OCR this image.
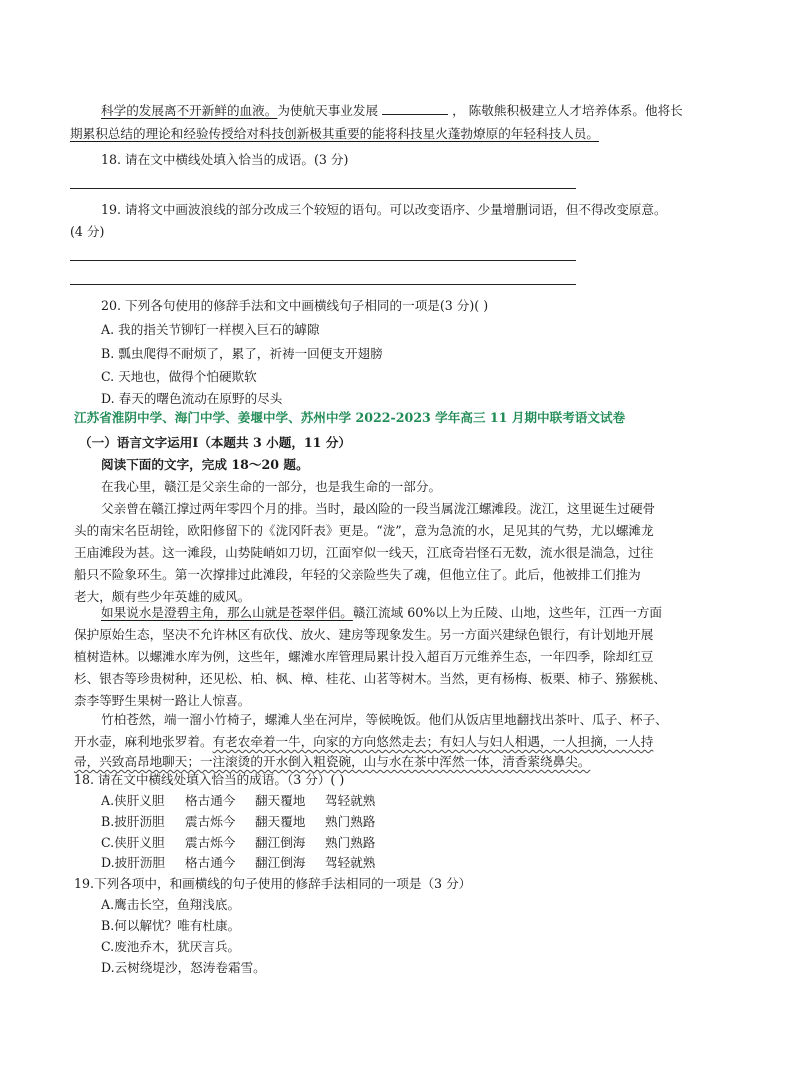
科学的发展离不开新鲜的血液。为使航天事业发展	， 陈敬熊积极建立人才培养体系。他将长
期累积总结的理论和经验传授给对科技创新极其重要的能将科技星火蓬勃燎原的年轻科技人员。
18. 请在文中横线处填入恰当的成语。(3 分)
19. 请将文中画波浪线的部分改成三个较短的语句。可以改变语序、少量增删词语，但不得改变原意。
(4 分)
20. 下列各句使用的修辞手法和文中画横线句子相同的一项是(3 分)( )
A. 我的指关节铆钉一样楔入巨石的罅隙
B. 瓢虫爬得不耐烦了，累了，祈祷一回便支开翅膀
C. 天地也，做得个怕硬欺软
D. 春天的曙色流动在原野的尽头
江苏省淮阴中学、海门中学、姜堰中学、苏州中学 2022-2023 学年高三 11 月期中联考语文试卷
（一）语言文字运用Ⅰ（本题共 3 小题，11 分）
阅读下面的文字，完成 18～20 题。
在我心里，赣江是父亲生命的一部分，也是我生命的一部分。
父亲曾在赣江撑过两年零四个月的排。当时，最凶险的一段当属泷江螺滩段。泷江，这里诞生过硬骨
头的南宋名臣胡铨，欧阳修留下的《泷冈阡表》更是。“泷”，意为急流的水，足见其的气势，尤以螺滩龙
王庙滩段为甚。这一滩段，山势陡峭如刀切，江面窄似一线天，江底奇岩怪石无数，流水很是湍急，过往
船只不险象环生。第一次撑排过此滩段，年轻的父亲险些失了魂，但他立住了。此后，他被排工们推为
老大，颇有些少年英雄的威风。
如果说水是澄碧主角，那么山就是苍翠伴侣。赣江流域 60%以上为丘陵、山地，这些年，江西一方面
保护原始生态，坚决不允许林区有砍伐、放火、建房等现象发生。另一方面兴建绿色银行，有计划地开展
植树造林。以螺滩水库为例，这些年，螺滩水库管理局累计投入超百万元维养生态，一年四季，除却红豆
杉、银杏等珍贵树种，还见松、柏、枫、樟、桂花、山茗等树木。当然，更有杨梅、板栗、柿子、猕猴桃、
柰李等野生果树一路让人惊喜。
竹柏苍然，端一溜小竹椅子，螺滩人坐在河岸，等候晚饭。他们从饭店里地翻找出茶叶、瓜子、杯子、
开水壶，麻利地张罗着。有老农牵着一牛，向家的方向悠然走去；有妇人与妇人相遇，一人担摘，一人持
帚，兴致高昂地聊天；一注滚烫的开水倒入粗瓷碗，山与水在茶中浑然一体，清香萦绕鼻尖。
18. 请在文中横线处填入恰当的成语。（3 分）( )
A.侠肝义胆 格古通今 翻天覆地 驾轻就熟
B.披肝沥胆 震古烁今 翻天覆地 熟门熟路
C.侠肝义胆 震古烁今 翻江倒海 熟门熟路
D.披肝沥胆 格古通今 翻江倒海 驾轻就熟
19.下列各项中，和画横线的句子使用的修辞手法相同的一项是（3 分）
A.鹰击长空，鱼翔浅底。
B.何以解忧？唯有杜康。
C.废池乔木，犹厌言兵。
D.云树绕堤沙，怒涛卷霜雪。
